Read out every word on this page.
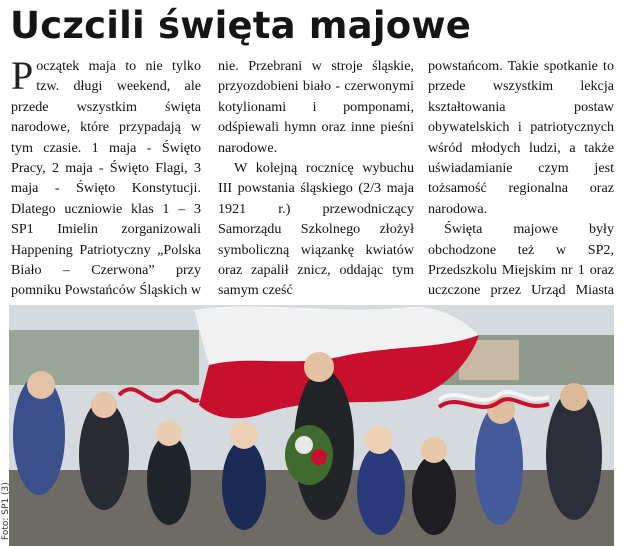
Uczcili święta majowe

Początek maja to nie tylko tzw. długi weekend, ale przede wszystkim święta narodowe, które przypadają w tym czasie. 1 maja - Święto Pracy, 2 maja - Święto Flagi, 3 maja - Święto Konstytucji. Dlatego uczniowie klas 1 – 3 SP1 Imielin zorganizowali Happening Patriotyczny „Polska Biało – Czerwona” przy pomniku Powstańców Śląskich w

nie. Przebrani w stroje śląskie, przyozdobieni biało - czerwonymi kotylionami i pomponami, odśpiewali hymn oraz inne pieśni narodowe.

W kolejną rocznicę wybuchu III powstania śląskiego (2/3 maja 1921 r.) przewodniczący Samorządu Szkolnego złożył symboliczną wiązankę kwiatów oraz zapalił znicz, oddając tym samym cześć

powstańcom. Takie spotkanie to przede wszystkim lekcja kształtowania postaw obywatelskich i patriotycznych wśród młodych ludzi, a także uświadamianie czym jest tożsamość regionalna oraz narodowa.

Święta majowe były obchodzone też w SP2, Przedszkolu Miejskim nr 1 oraz uczczone przez Urząd Miasta

Foto: SP1 (3)
